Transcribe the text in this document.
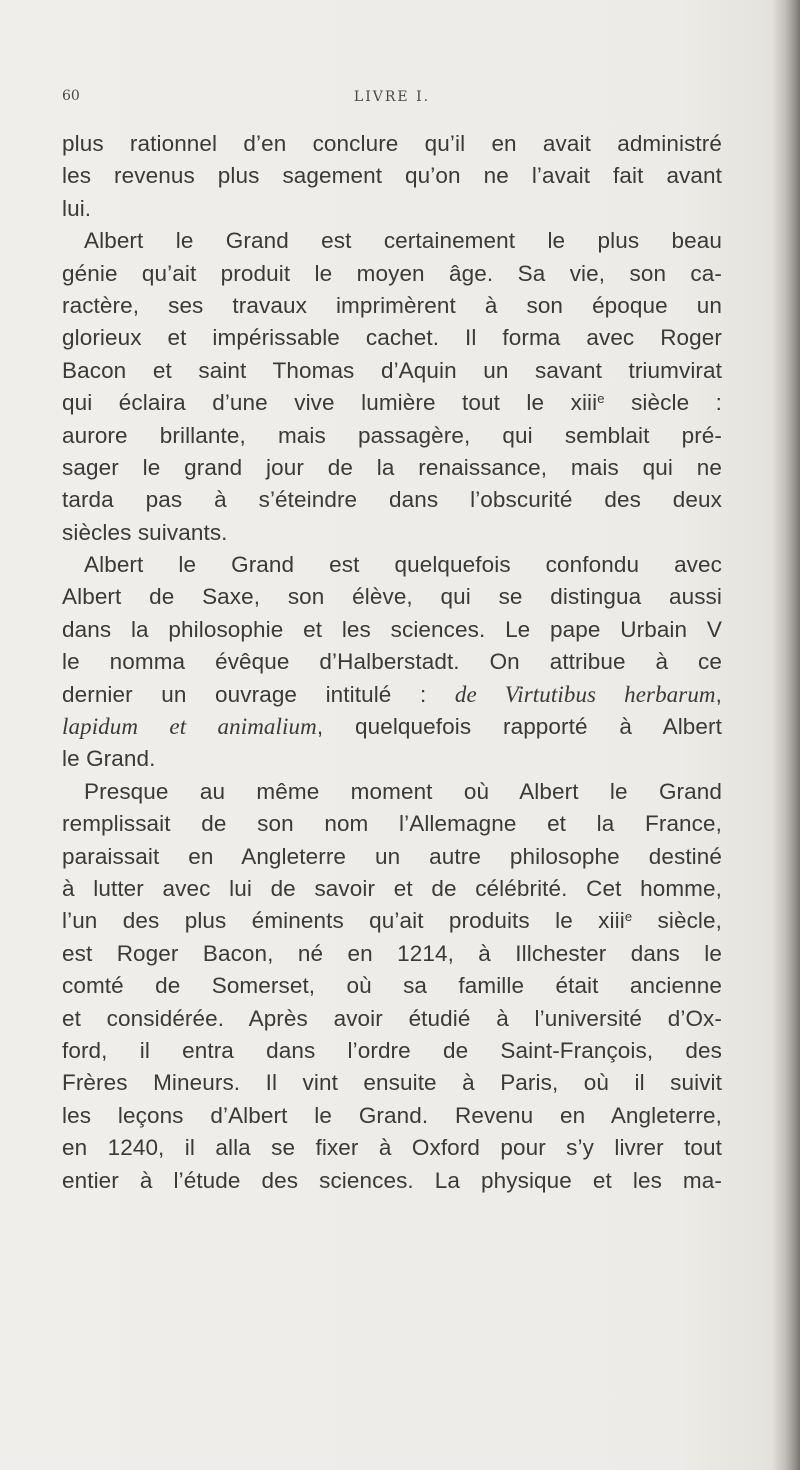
60	LIVRE I.
plus rationnel d’en conclure qu’il en avait administré
les revenus plus sagement qu’on ne l’avait fait avant
lui.
Albert le Grand est certainement le plus beau
génie qu’ait produit le moyen âge. Sa vie, son ca-
ractère, ses travaux imprimèrent à son époque un
glorieux et impérissable cachet. Il forma avec Roger
Bacon et saint Thomas d’Aquin un savant triumvirat
qui éclaira d’une vive lumière tout le xiii$^e$ siècle :
aurore brillante, mais passagère, qui semblait pré-
sager le grand jour de la renaissance, mais qui ne
tarda pas à s’éteindre dans l’obscurité des deux
siècles suivants.
Albert le Grand est quelquefois confondu avec
Albert de Saxe, son élève, qui se distingua aussi
dans la philosophie et les sciences. Le pape Urbain V
le nomma évêque d’Halberstadt. On attribue à ce
dernier un ouvrage intitulé : de Virtutibus herbarum,
lapidum et animalium, quelquefois rapporté à Albert
le Grand.
Presque au même moment où Albert le Grand
remplissait de son nom l’Allemagne et la France,
paraissait en Angleterre un autre philosophe destiné
à lutter avec lui de savoir et de célébrité. Cet homme,
l’un des plus éminents qu’ait produits le xiii$^e$ siècle,
est Roger Bacon, né en 1214, à Illchester dans le
comté de Somerset, où sa famille était ancienne
et considérée. Après avoir étudié à l’université d’Ox-
ford, il entra dans l’ordre de Saint-François, des
Frères Mineurs. Il vint ensuite à Paris, où il suivit
les leçons d’Albert le Grand. Revenu en Angleterre,
en 1240, il alla se fixer à Oxford pour s’y livrer tout
entier à l’étude des sciences. La physique et les ma-
